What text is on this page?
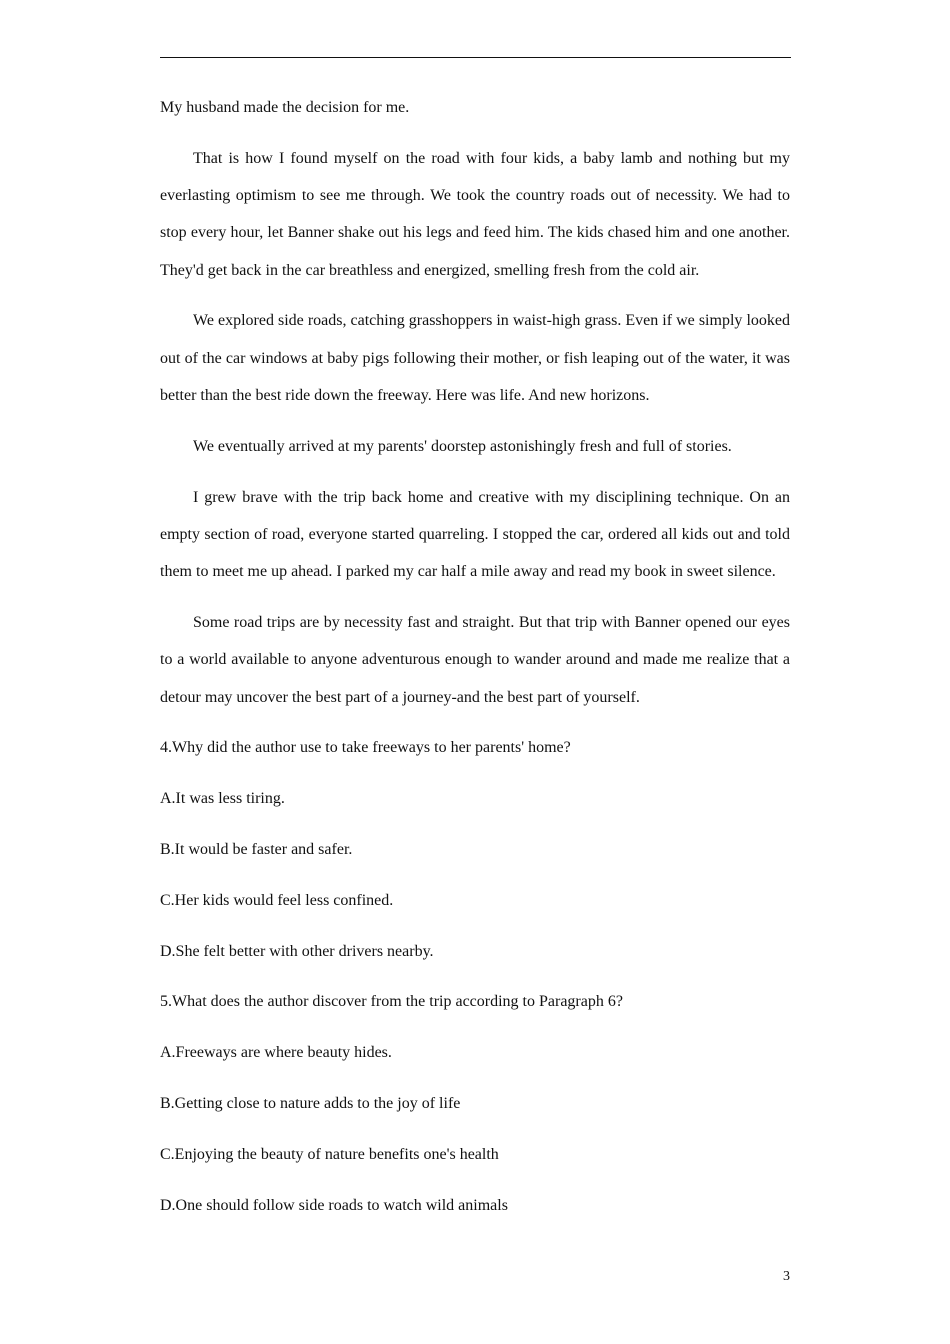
My husband made the decision for me.

That is how I found myself on the road with four kids, a baby lamb and nothing but my everlasting optimism to see me through. We took the country roads out of necessity. We had to stop every hour, let Banner shake out his legs and feed him. The kids chased him and one another. They'd get back in the car breathless and energized, smelling fresh from the cold air.

We explored side roads, catching grasshoppers in waist-high grass. Even if we simply looked out of the car windows at baby pigs following their mother, or fish leaping out of the water, it was better than the best ride down the freeway. Here was life. And new horizons.

We eventually arrived at my parents' doorstep astonishingly fresh and full of stories.

I grew brave with the trip back home and creative with my disciplining technique. On an empty section of road, everyone started quarreling. I stopped the car, ordered all kids out and told them to meet me up ahead. I parked my car half a mile away and read my book in sweet silence.

Some road trips are by necessity fast and straight. But that trip with Banner opened our eyes to a world available to anyone adventurous enough to wander around and made me realize that a detour may uncover the best part of a journey-and the best part of yourself.

4.Why did the author use to take freeways to her parents' home?

A.It was less tiring.

B.It would be faster and safer.

C.Her kids would feel less confined.

D.She felt better with other drivers nearby.

5.What does the author discover from the trip according to Paragraph 6?

A.Freeways are where beauty hides.

B.Getting close to nature adds to the joy of life

C.Enjoying the beauty of nature benefits one's health

D.One should follow side roads to watch wild animals

3
